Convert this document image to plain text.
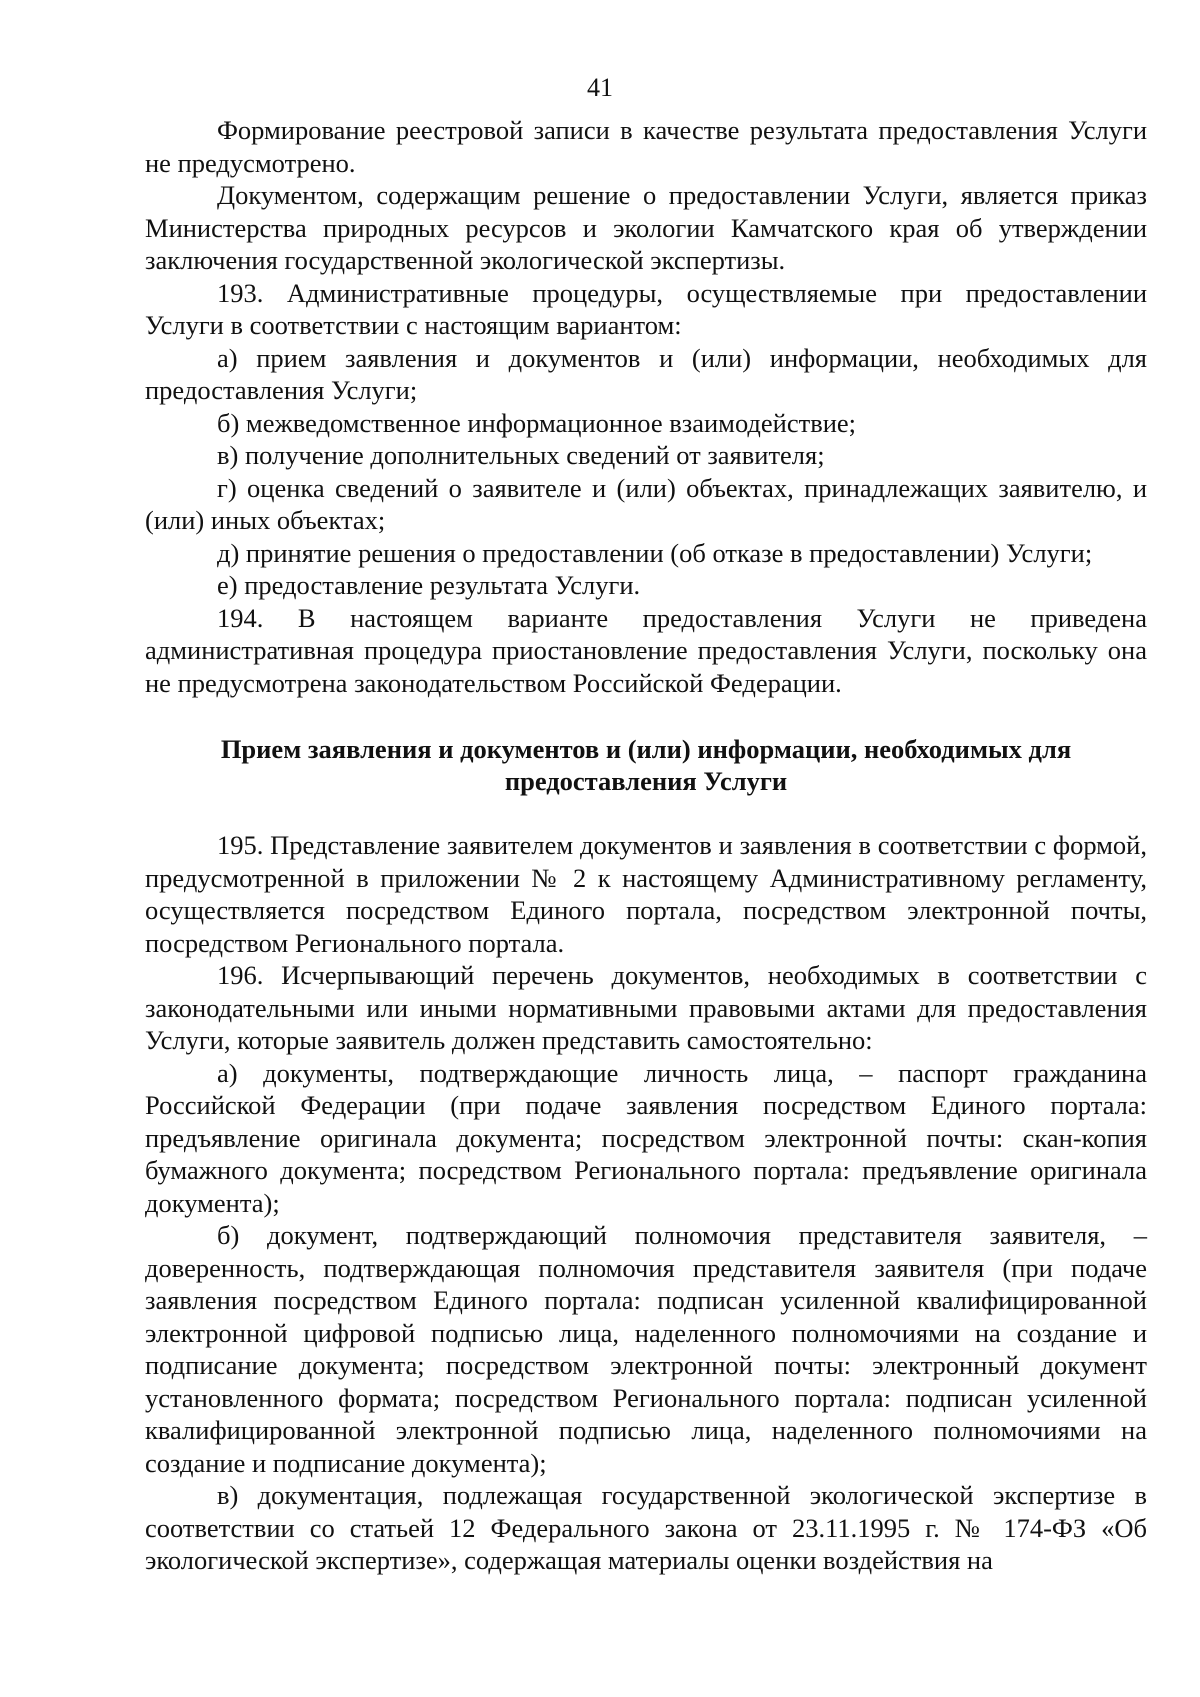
41

Формирование реестровой записи в качестве результата предоставления Услуги не предусмотрено.

Документом, содержащим решение о предоставлении Услуги, является приказ Министерства природных ресурсов и экологии Камчатского края об утверждении заключения государственной экологической экспертизы.

193. Административные процедуры, осуществляемые при предоставлении Услуги в соответствии с настоящим вариантом:

а) прием заявления и документов и (или) информации, необходимых для предоставления Услуги;

б) межведомственное информационное взаимодействие;

в) получение дополнительных сведений от заявителя;

г) оценка сведений о заявителе и (или) объектах, принадлежащих заявителю, и (или) иных объектах;

д) принятие решения о предоставлении (об отказе в предоставлении) Услуги;

е) предоставление результата Услуги.

194. В настоящем варианте предоставления Услуги не приведена административная процедура приостановление предоставления Услуги, поскольку она не предусмотрена законодательством Российской Федерации.

Прием заявления и документов и (или) информации, необходимых для
предоставления Услуги

195. Представление заявителем документов и заявления в соответствии с формой, предусмотренной в приложении № 2 к настоящему Административному регламенту, осуществляется посредством Единого портала, посредством электронной почты, посредством Регионального портала.

196. Исчерпывающий перечень документов, необходимых в соответствии с законодательными или иными нормативными правовыми актами для предоставления Услуги, которые заявитель должен представить самостоятельно:

а) документы, подтверждающие личность лица, – паспорт гражданина Российской Федерации (при подаче заявления посредством Единого портала: предъявление оригинала документа; посредством электронной почты: скан-копия бумажного документа; посредством Регионального портала: предъявление оригинала документа);

б) документ, подтверждающий полномочия представителя заявителя, – доверенность, подтверждающая полномочия представителя заявителя (при подаче заявления посредством Единого портала: подписан усиленной квалифицированной электронной цифровой подписью лица, наделенного полномочиями на создание и подписание документа; посредством электронной почты: электронный документ установленного формата; посредством Регионального портала: подписан усиленной квалифицированной электронной подписью лица, наделенного полномочиями на создание и подписание документа);

в) документация, подлежащая государственной экологической экспертизе в соответствии со статьей 12 Федерального закона от 23.11.1995 г. № 174-ФЗ «Об экологической экспертизе», содержащая материалы оценки воздействия на
